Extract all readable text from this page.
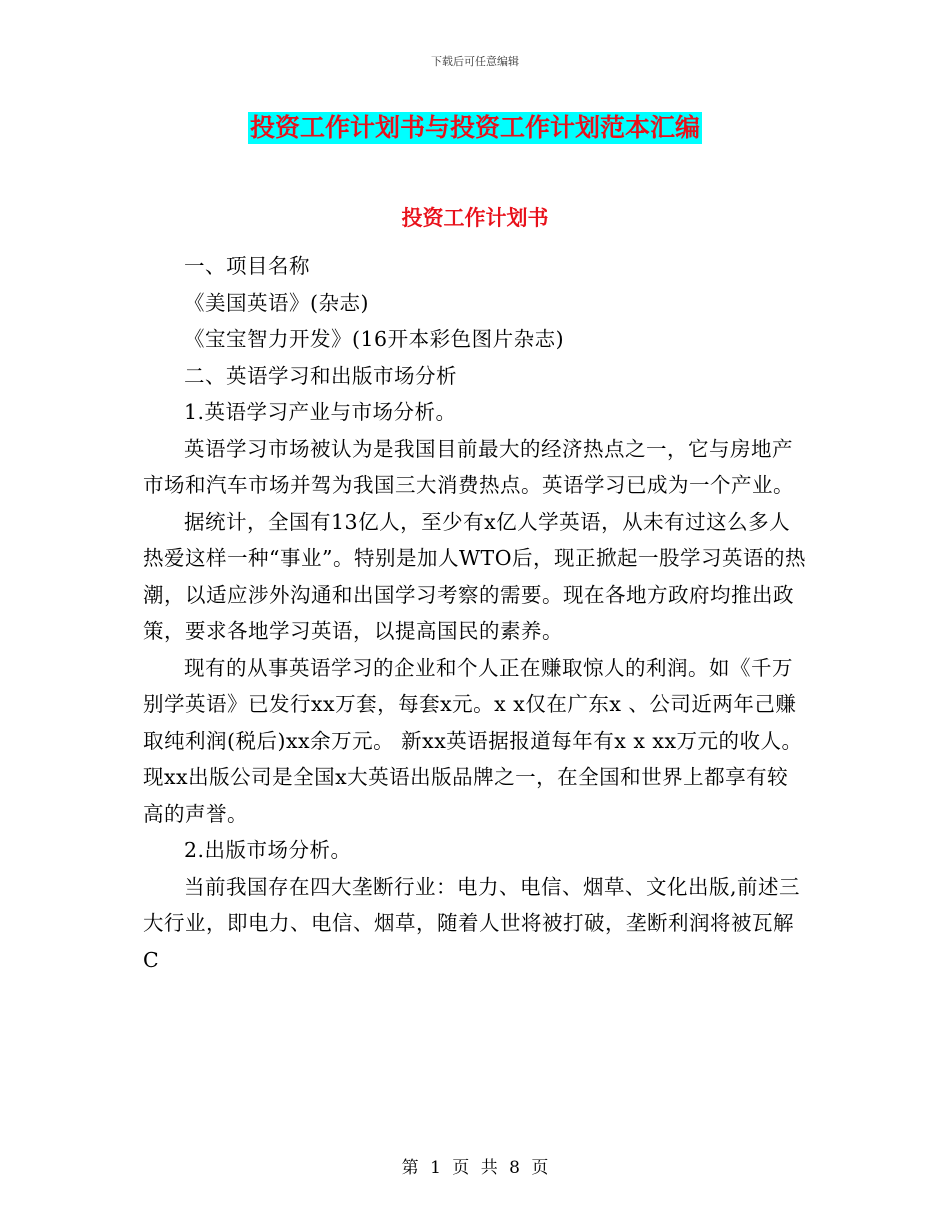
下载后可任意编辑
投资工作计划书与投资工作计划范本汇编
投资工作计划书

一、项目名称

《美国英语》(杂志)

《宝宝智力开发》(16开本彩色图片杂志)

二、英语学习和出版市场分析

1.英语学习产业与市场分析。

英语学习市场被认为是我国目前最大的经济热点之一，它与房地产市场和汽车市场并驾为我国三大消费热点。英语学习已成为一个产业。

据统计，全国有13亿人，至少有x亿人学英语，从未有过这么多人热爱这样一种“事业”。特别是加人WTO后，现正掀起一股学习英语的热潮，以适应涉外沟通和出国学习考察的需要。现在各地方政府均推出政策，要求各地学习英语，以提高国民的素养。

现有的从事英语学习的企业和个人正在赚取惊人的利润。如《千万别学英语》已发行xx万套，每套x元。x x仅在广东x 、公司近两年己赚取纯利润(税后)xx余万元。 新xx英语据报道每年有x x xx万元的收人。现xx出版公司是全国x大英语出版品牌之一，在全国和世界上都享有较高的声誉。

2.出版市场分析。

当前我国存在四大垄断行业：电力、电信、烟草、文化出版,前述三大行业，即电力、电信、烟草，随着人世将被打破，垄断利润将被瓦解C

第 1 页 共 8 页
